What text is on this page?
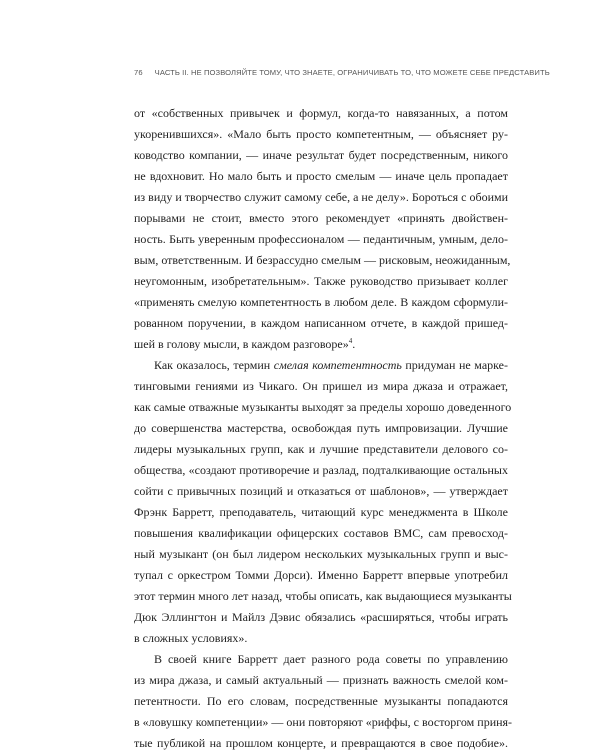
76 ЧАСТЬ II. НЕ ПОЗВОЛЯЙТЕ ТОМУ, ЧТО ЗНАЕТЕ, ОГРАНИЧИВАТЬ ТО, ЧТО МОЖЕТЕ СЕБЕ ПРЕДСТАВИТЬ
от «собственных привычек и формул, когда-то навязанных, а потом
укоренившихся». «Мало быть просто компетентным, — объясняет ру-
ководство компании, — иначе результат будет посредственным, никого
не вдохновит. Но мало быть и просто смелым — иначе цель пропадает
из виду и творчество служит самому себе, а не делу». Бороться с обоими
порывами не стоит, вместо этого рекомендует «принять двойствен-
ность. Быть уверенным профессионалом — педантичным, умным, дело-
вым, ответственным. И безрассудно смелым — рисковым, неожиданным,
неугомонным, изобретательным». Также руководство призывает коллег
«применять смелую компетентность в любом деле. В каждом сформули-
рованном поручении, в каждом написанном отчете, в каждой пришед-
шей в голову мысли, в каждом разговоре»$^4$.
Как оказалось, термин смелая компетентность придуман не марке-
тинговыми гениями из Чикаго. Он пришел из мира джаза и отражает,
как самые отважные музыканты выходят за пределы хорошо доведенного
до совершенства мастерства, освобождая путь импровизации. Лучшие
лидеры музыкальных групп, как и лучшие представители делового со-
общества, «создают противоречие и разлад, подталкивающие остальных
сойти с привычных позиций и отказаться от шаблонов», — утверждает
Фрэнк Барретт, преподаватель, читающий курс менеджмента в Школе
повышения квалификации офицерских составов ВМС, сам превосход-
ный музыкант (он был лидером нескольких музыкальных групп и выс-
тупал с оркестром Томми Дорси). Именно Барретт впервые употребил
этот термин много лет назад, чтобы описать, как выдающиеся музыканты
Дюк Эллингтон и Майлз Дэвис обязались «расширяться, чтобы играть
в сложных условиях».
В своей книге Барретт дает разного рода советы по управлению
из мира джаза, и самый актуальный — признать важность смелой ком-
петентности. По его словам, посредственные музыканты попадаются
в «ловушку компетенции» — они повторяют «риффы, с восторгом приня-
тые публикой на прошлом концерте, и превращаются в свое подобие».
